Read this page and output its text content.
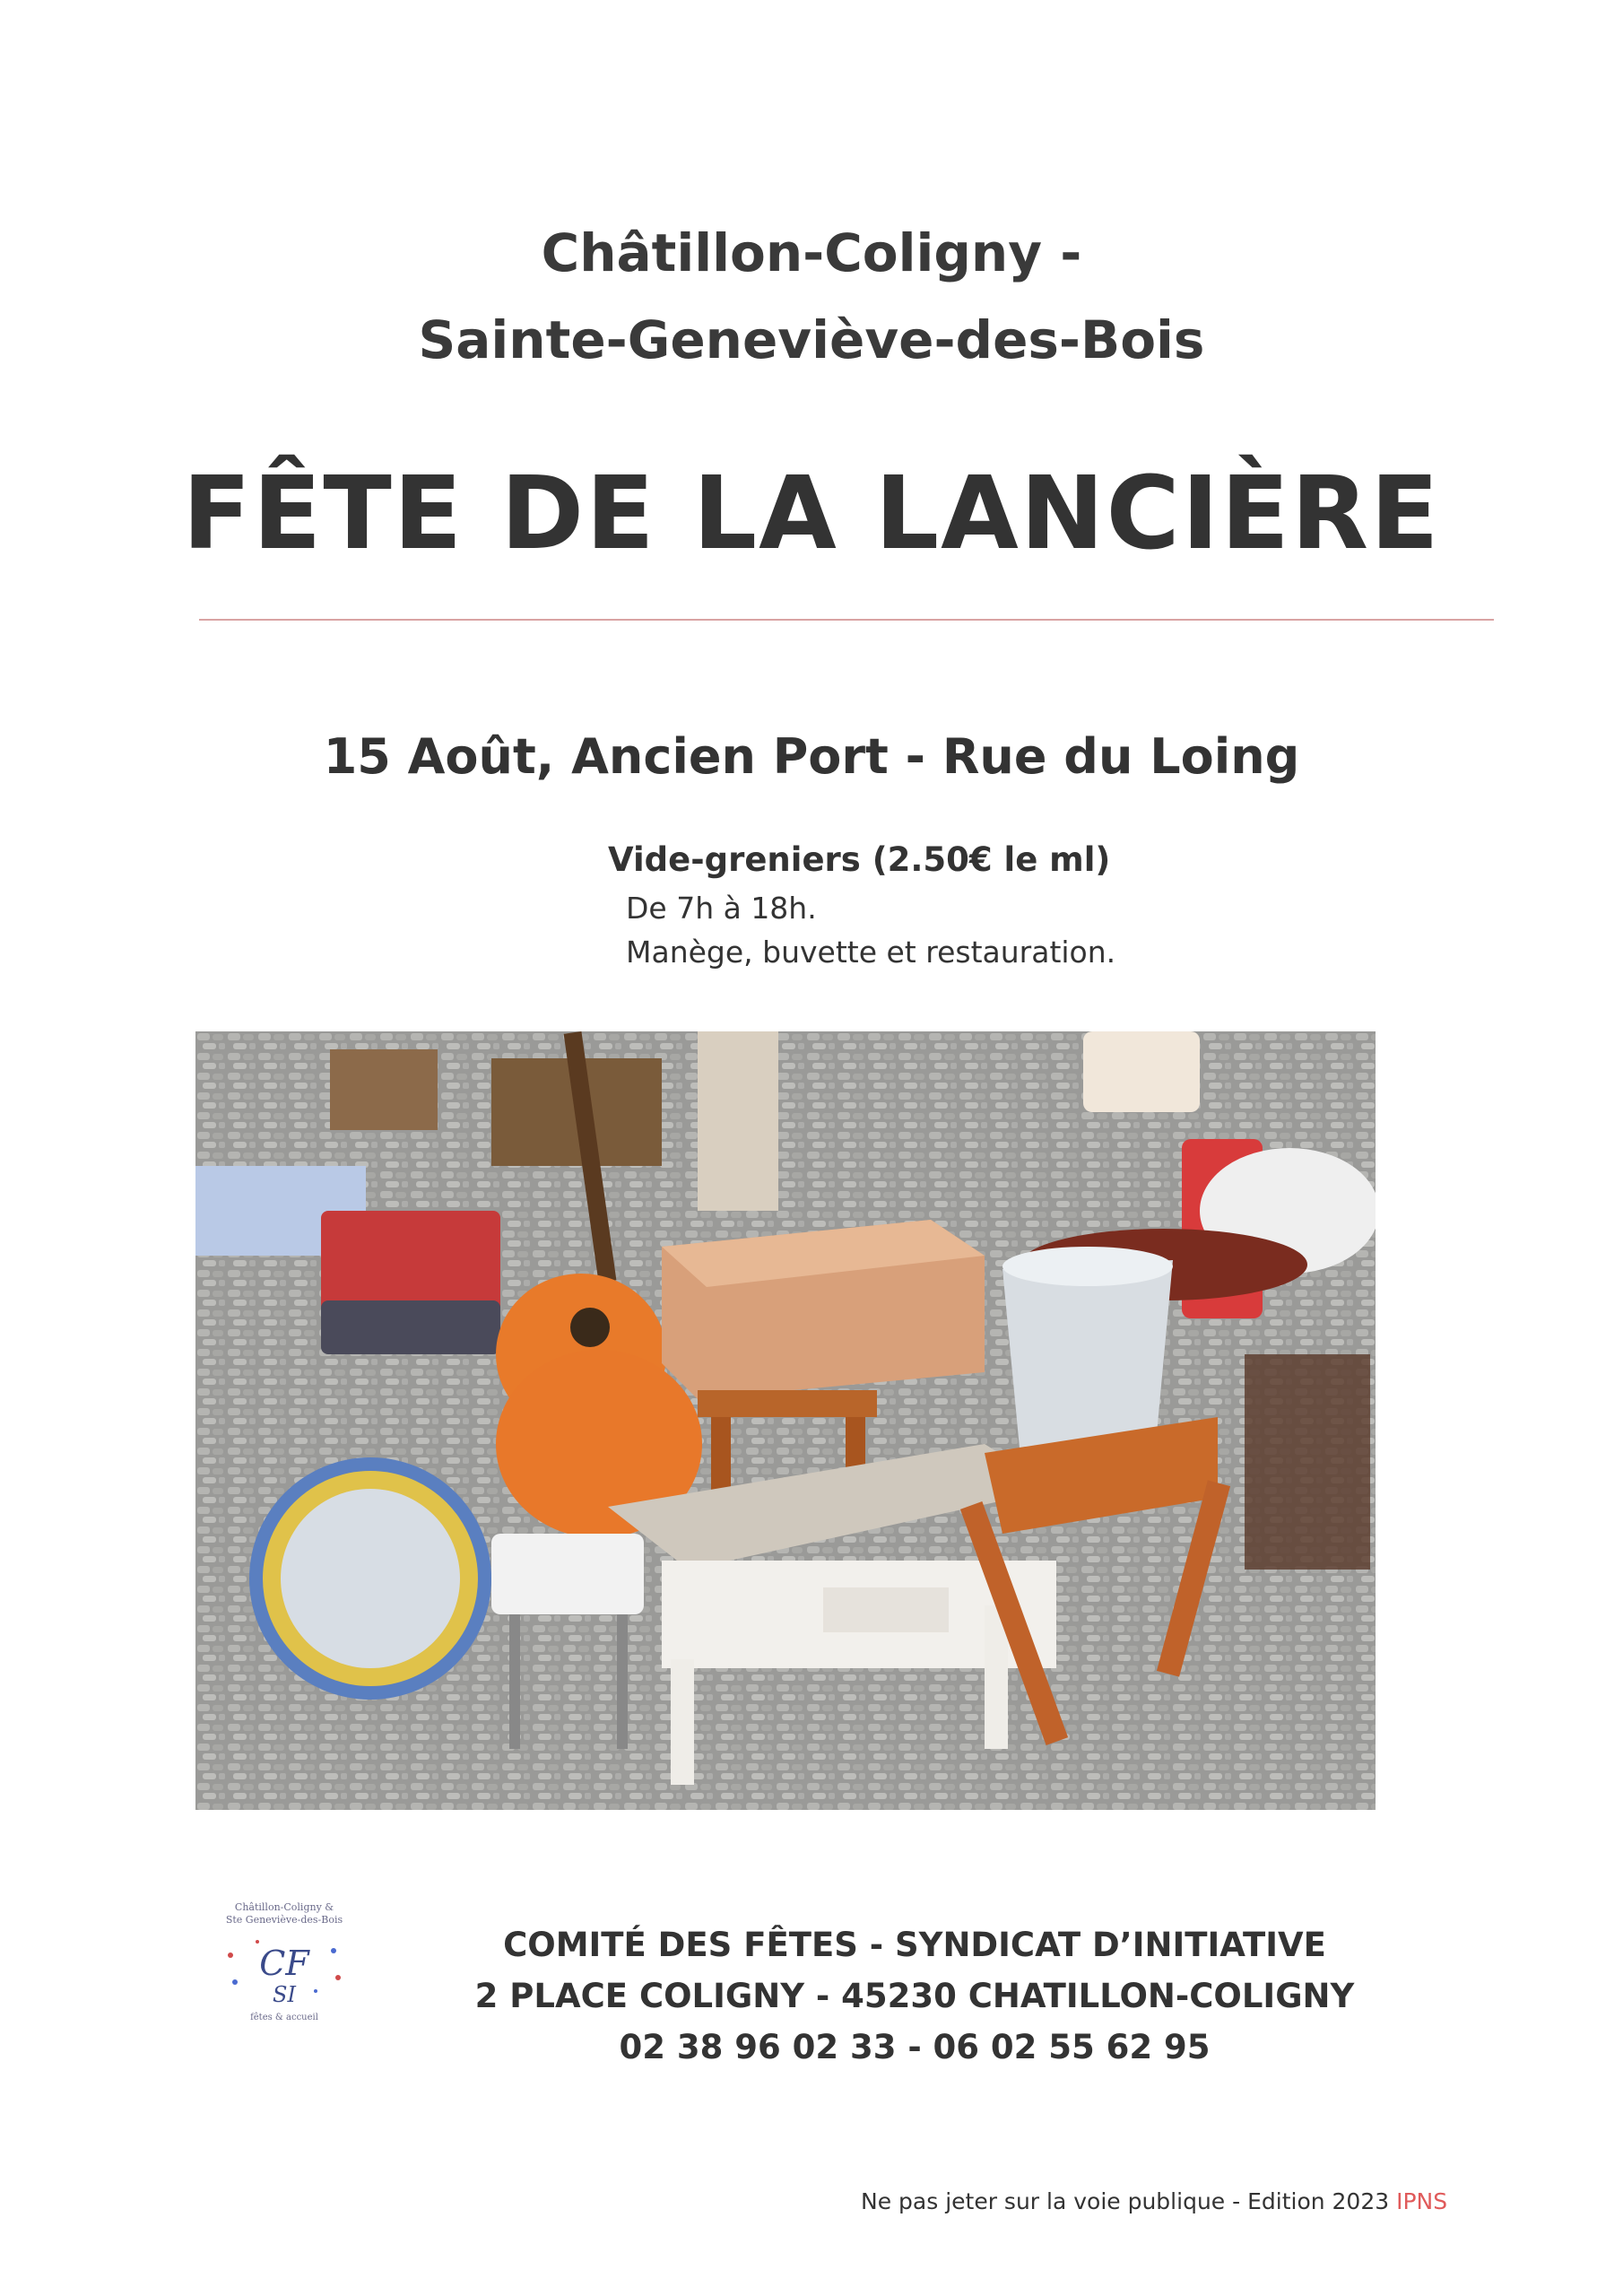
Châtillon-Coligny -
Sainte-Geneviève-des-Bois
FÊTE DE LA LANCIÈRE
15 Août, Ancien Port - Rue du Loing
Vide-greniers (2.50€ le ml)
De 7h à 18h.
Manège, buvette et restauration.
Châtillon-Coligny &
Ste Geneviève-des-Bois
CF
SI
fêtes & accueil
COMITÉ DES FÊTES - SYNDICAT D’INITIATIVE
2 PLACE COLIGNY - 45230 CHATILLON-COLIGNY
02 38 96 02 33 - 06 02 55 62 95
Ne pas jeter sur la voie publique - Edition 2023 IPNS
